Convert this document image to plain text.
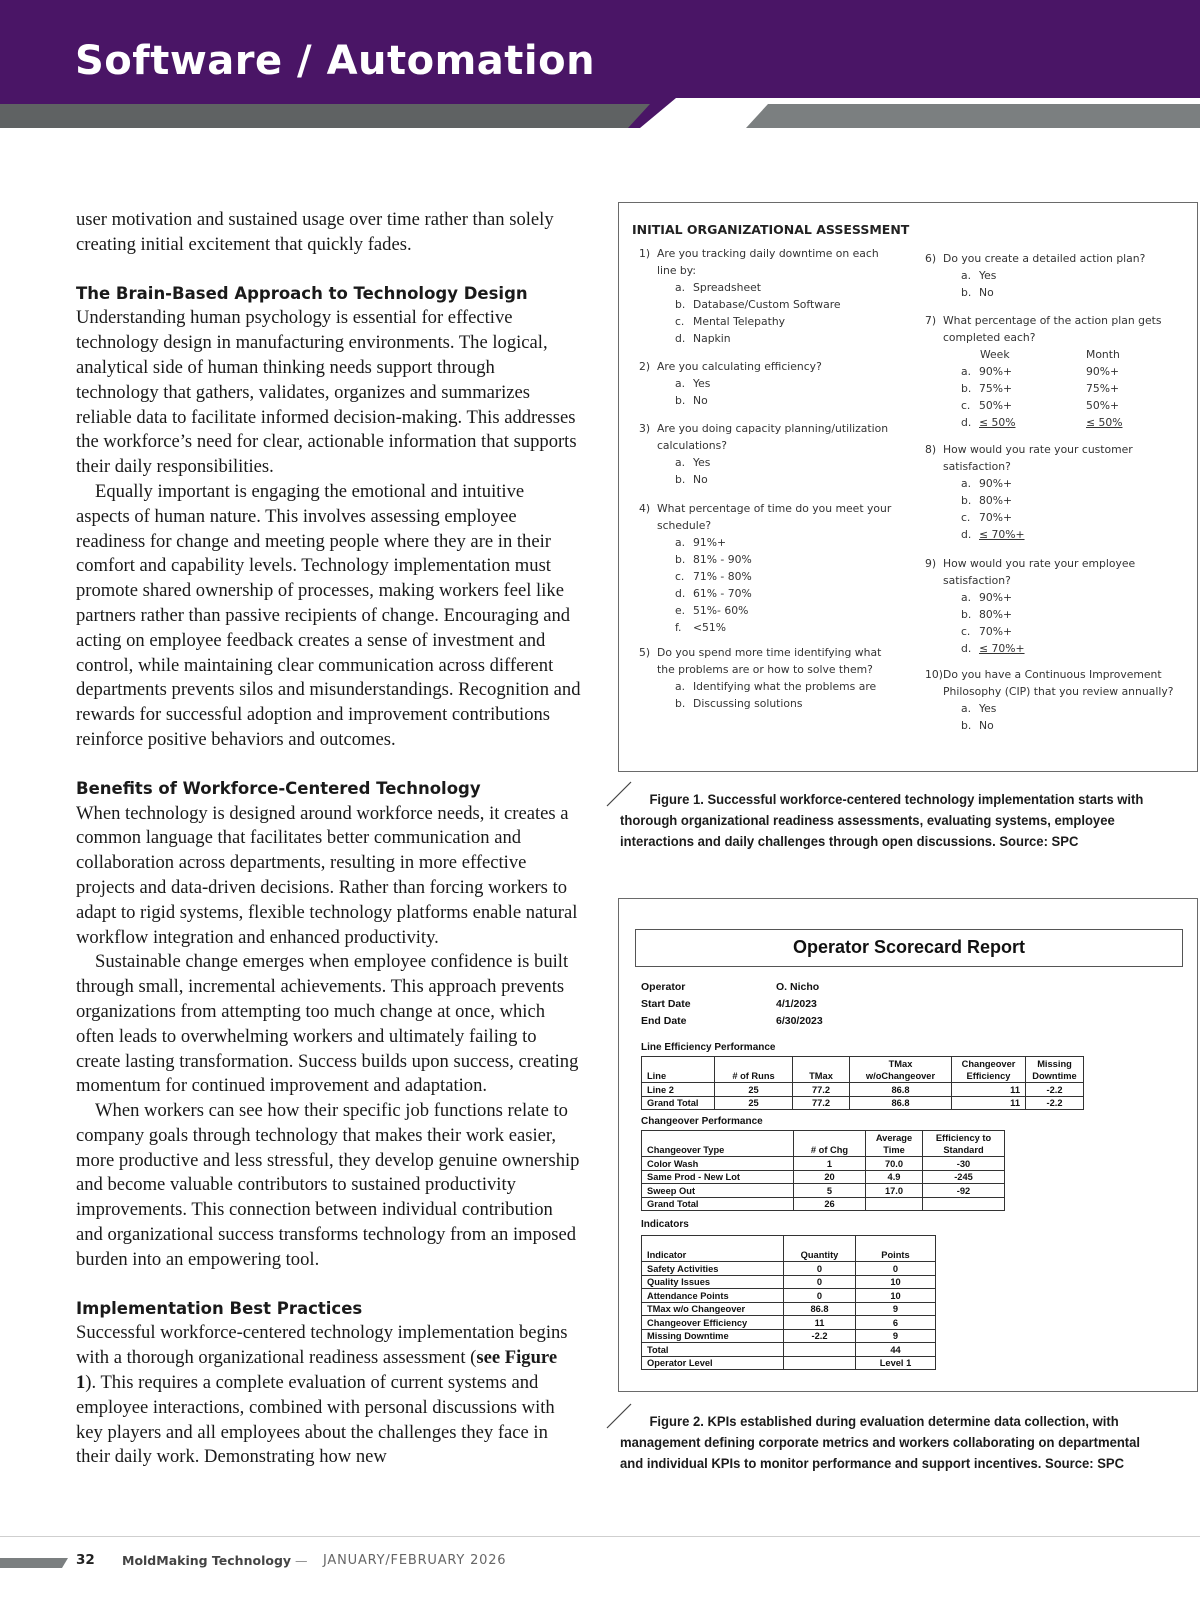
Software / Automation

user motivation and sustained usage over time rather than solely creating initial excitement that quickly fades.

The Brain-Based Approach to Technology Design

Understanding human psychology is essential for effective technology design in manufacturing environments. The logical, analytical side of human thinking needs support through technology that gathers, validates, organizes and summarizes reliable data to facilitate informed decision-making. This addresses the workforce’s need for clear, actionable information that supports their daily responsibilities.

Equally important is engaging the emotional and intuitive aspects of human nature. This involves assessing employee readiness for change and meeting people where they are in their comfort and capability levels. Technology implementation must promote shared ownership of processes, making workers feel like partners rather than passive recipients of change. Encouraging and acting on employee feedback creates a sense of investment and control, while maintaining clear communication across different departments prevents silos and misunderstandings. Recognition and rewards for successful adoption and improvement contributions reinforce positive behaviors and outcomes.

Benefits of Workforce-Centered Technology

When technology is designed around workforce needs, it creates a common language that facilitates better communication and collaboration across departments, resulting in more effective projects and data-driven decisions. Rather than forcing workers to adapt to rigid systems, flexible technology platforms enable natural workflow integration and enhanced productivity.

Sustainable change emerges when employee confidence is built through small, incremental achievements. This approach prevents organizations from attempting too much change at once, which often leads to overwhelming workers and ultimately failing to create lasting transformation. Success builds upon success, creating momentum for continued improvement and adaptation.

When workers can see how their specific job functions relate to company goals through technology that makes their work easier, more productive and less stressful, they develop genuine ownership and become valuable contributors to sustained productivity improvements. This connection between individual contribution and organizational success transforms technology from an imposed burden into an empowering tool.

Implementation Best Practices

Successful workforce-centered technology implementation begins with a thorough organizational readiness assessment (see Figure 1). This requires a complete evaluation of current systems and employee interactions, combined with personal discussions with key players and all employees about the challenges they face in their daily work. Demonstrating how new

INITIAL ORGANIZATIONAL ASSESSMENT
1) Are you tracking daily downtime on each line by:
a. Spreadsheet
b. Database/Custom Software
c. Mental Telepathy
d. Napkin
2) Are you calculating efficiency?
a. Yes
b. No
3) Are you doing capacity planning/utilization calculations?
a. Yes
b. No
4) What percentage of time do you meet your schedule?
a. 91%+
b. 81% - 90%
c. 71% - 80%
d. 61% - 70%
e. 51%- 60%
f.	<51%
5) Do you spend more time identifying what the problems are or how to solve them?
a. Identifying what the problems are
b. Discussing solutions
6) Do you create a detailed action plan?
a. Yes
b. No
7) What percentage of the action plan gets completed each?
Week	Month
a. 90%+	90%+
b. 75%+	75%+
c. 50%+	50%+
d. ≤ 50%	≤ 50%
8) How would you rate your customer satisfaction?
a. 90%+
b. 80%+
c. 70%+
d. ≤ 70%+
9) How would you rate your employee satisfaction?
a. 90%+
b. 80%+
c. 70%+
d. ≤ 70%+
10) Do you have a Continuous Improvement Philosophy (CIP) that you review annually?
a. Yes
b. No
Figure 1. Successful workforce-centered technology implementation starts with thorough organizational readiness assessments, evaluating systems, employee interactions and daily challenges through open discussions. Source: SPC
Operator Scorecard Report
Operator	O. Nicho
Start Date	4/1/2023
End Date	6/30/2023
Line Efficiency Performance
Line	# of Runs	TMax	TMax w/oChangeover	Changeover Efficiency	Missing Downtime
Line 2	25	77.2	86.8	11	-2.2
Grand Total	25	77.2	86.8	11	-2.2
Changeover Performance
Changeover Type	# of Chg	Average Time	Efficiency to Standard
Color Wash	1	70.0	-30
Same Prod - New Lot	20	4.9	-245
Sweep Out	5	17.0	-92
Grand Total	26		
Indicators
Indicator	Quantity	Points
Safety Activities	0	0
Quality Issues	0	10
Attendance Points	0	10
TMax w/o Changeover	86.8	9
Changeover Efficiency	11	6
Missing Downtime	-2.2	9
Total		44
Operator Level		Level 1
Figure 2. KPIs established during evaluation determine data collection, with management defining corporate metrics and workers collaborating on departmental and individual KPIs to monitor performance and support incentives. Source: SPC
32 MoldMaking Technology — JANUARY/FEBRUARY 2026
